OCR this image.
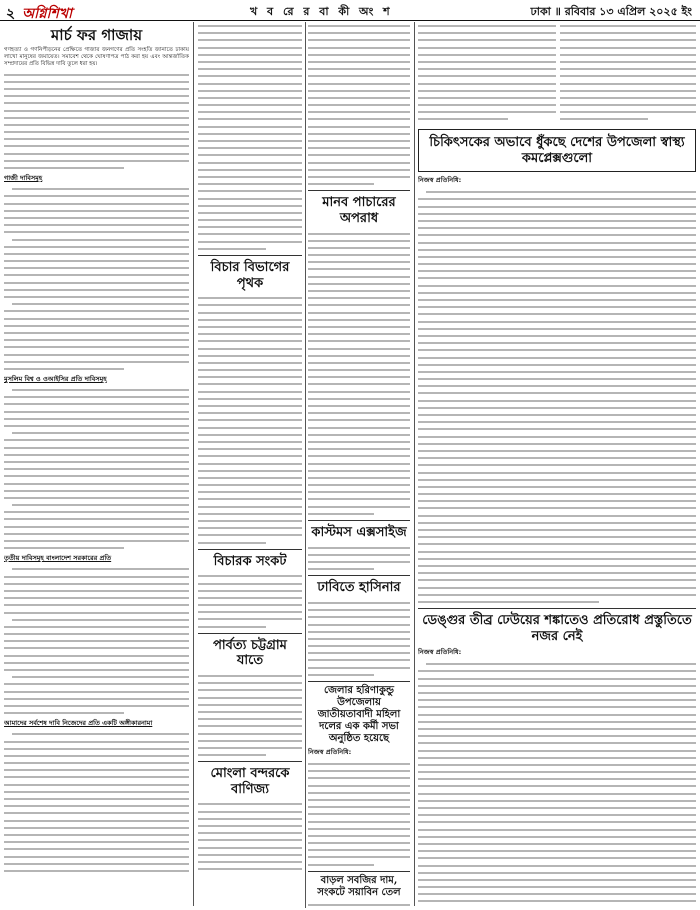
২ অগ্নিশিখা	খ ব রে র বা কী অং শ	ঢাকা ॥ রবিবার ১৩ এপ্রিল ২০২৫ ইং
মার্চ ফর গাজায়

গণহত্যা ও গণনিপীড়নের প্রেক্ষিতে গাজার জনগণের প্রতি সংহতি জানাতে ঢাকায় লাখো মানুষের জমায়েত। সমাবেশ থেকে ঘোষণাপত্র পাঠ করা হয় এবং আন্তর্জাতিক সম্প্রদায়ের প্রতি বিভিন্ন দাবি তুলে ধরা হয়।

গাজী দাবিসমূহ
মুসলিম বিশ্ব ও ওআইসির প্রতি দাবিসমূহ
তৃতীয় দাবিসমূহ বাংলাদেশ সরকারের প্রতি
আমাদের সর্বশেষ দাবি নিজেদের প্রতি একটি অঙ্গীকারনামা
বিচার বিভাগের পৃথক
বিচারক সংকট
পার্বত্য চট্টগ্রাম যাতে
মোংলা বন্দরকে বাণিজ্য
মানব পাচারের অপরাধ
কাস্টমস এক্সসাইজ
ঢাবিতে হাসিনার
জেলার হরিণাকুন্ডু উপজেলায় জাতীয়তাবাদী মহিলা দলের এক কর্মী সভা অনুষ্ঠিত হয়েছে
নিজস্ব প্রতিনিধি:
বাড়ল সবজির দাম, সংকটে সয়াবিন তেল
চিকিৎসকের অভাবে ধুঁকছে দেশের উপজেলা স্বাস্থ্য কমপ্লেক্সগুলো
নিজস্ব প্রতিনিধি:
ডেঙ্গুর তীব্র ঢেউয়ের শঙ্কাতেও প্রতিরোধ প্রস্তুতিতে নজর নেই
নিজস্ব প্রতিনিধি:
